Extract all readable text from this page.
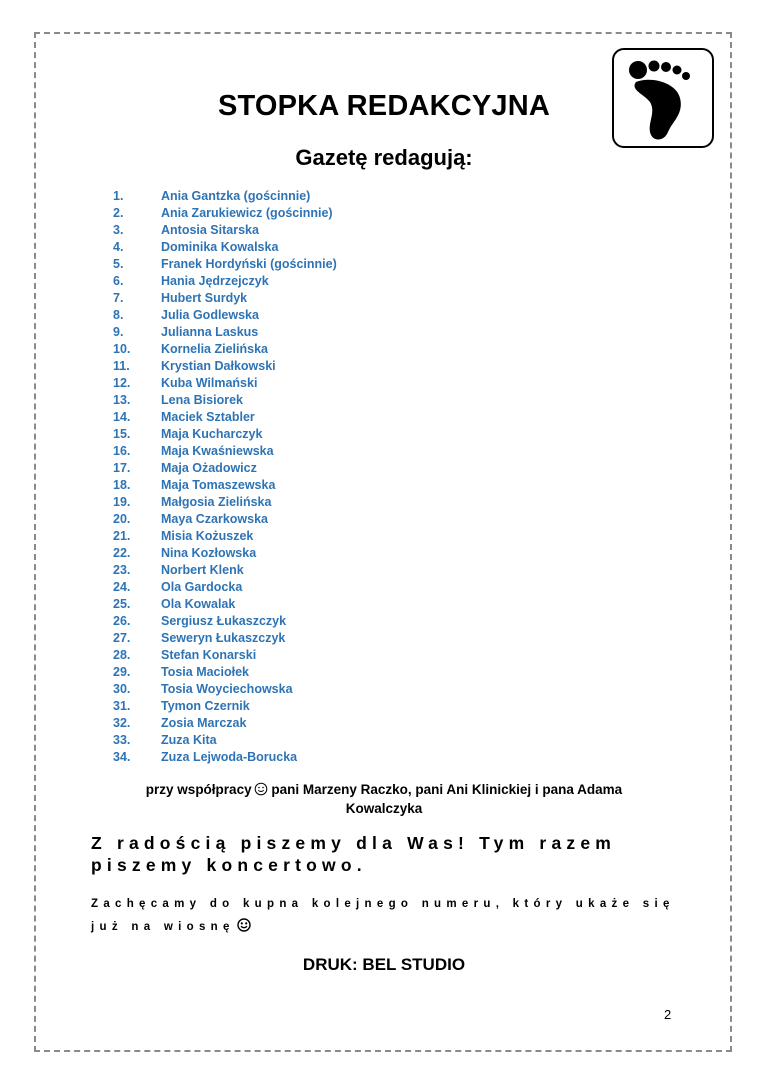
STOPKA REDAKCYJNA
Gazetę redagują:
1.	Ania Gantzka (gościnnie)
2.	Ania Zarukiewicz (gościnnie)
3.	Antosia Sitarska
4.	Dominika Kowalska
5.	Franek Hordyński (gościnnie)
6.	Hania Jędrzejczyk
7.	Hubert Surdyk
8.	Julia Godlewska
9.	Julianna Laskus
10. Kornelia Zielińska
11.	Krystian Dałkowski
12. Kuba Wilmański
13. Lena Bisiorek
14. Maciek Sztabler
15. Maja Kucharczyk
16. Maja Kwaśniewska
17. Maja Ożadowicz
18. Maja Tomaszewska
19. Małgosia Zielińska
20. Maya Czarkowska
21. Misia Kożuszek
22. Nina Kozłowska
23. Norbert Klenk
24. Ola Gardocka
25. Ola Kowalak
26. Sergiusz Łukaszczyk
27. Seweryn Łukaszczyk
28. Stefan Konarski
29. Tosia Maciołek
30. Tosia Woyciechowska
31. Tymon Czernik
32. Zosia Marczak
33. Zuza Kita
34. Zuza Lejwoda-Borucka
przy współpracy pani Marzeny Raczko, pani Ani Klinickiej i pana Adama Kowalczyka
Z radością piszemy dla Was! Tym razem piszemy koncertowo.
Zachęcamy do kupna kolejnego numeru, który ukaże się już na wiosnę
DRUK: BEL STUDIO
2
